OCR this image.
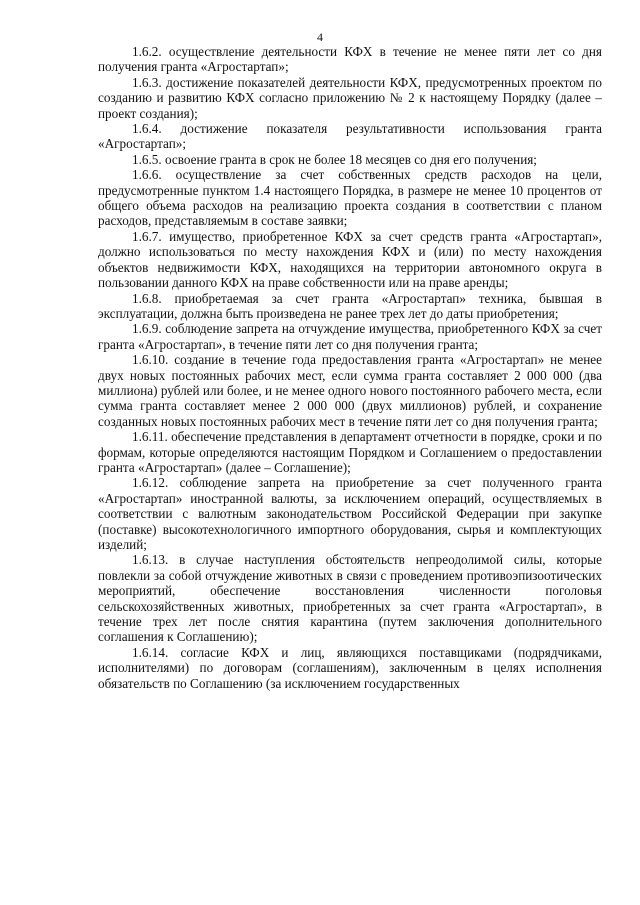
4

1.6.2. осуществление деятельности КФХ в течение не менее пяти лет со дня получения гранта «Агростартап»;

1.6.3. достижение показателей деятельности КФХ, предусмотренных проектом по созданию и развитию КФХ согласно приложению № 2 к настоящему Порядку (далее – проект создания);

1.6.4. достижение показателя результативности использования гранта «Агростартап»;

1.6.5. освоение гранта в срок не более 18 месяцев со дня его получения;

1.6.6. осуществление за счет собственных средств расходов на цели, предусмотренные пунктом 1.4 настоящего Порядка, в размере не менее 10 процентов от общего объема расходов на реализацию проекта создания в соответствии с планом расходов, представляемым в составе заявки;

1.6.7. имущество, приобретенное КФХ за счет средств гранта «Агростартап», должно использоваться по месту нахождения КФХ и (или) по месту нахождения объектов недвижимости КФХ, находящихся на территории автономного округа в пользовании данного КФХ на праве собственности или на праве аренды;

1.6.8. приобретаемая за счет гранта «Агростартап» техника, бывшая в эксплуатации, должна быть произведена не ранее трех лет до даты приобретения;

1.6.9. соблюдение запрета на отчуждение имущества, приобретенного КФХ за счет гранта «Агростартап», в течение пяти лет со дня получения гранта;

1.6.10. создание в течение года предоставления гранта «Агростартап» не менее двух новых постоянных рабочих мест, если сумма гранта составляет 2 000 000 (два миллиона) рублей или более, и не менее одного нового постоянного рабочего места, если сумма гранта составляет менее 2 000 000 (двух миллионов) рублей, и сохранение созданных новых постоянных рабочих мест в течение пяти лет со дня получения гранта;

1.6.11. обеспечение представления в департамент отчетности в порядке, сроки и по формам, которые определяются настоящим Порядком и Соглашением о предоставлении гранта «Агростартап» (далее – Соглашение);

1.6.12. соблюдение запрета на приобретение за счет полученного гранта «Агростартап» иностранной валюты, за исключением операций, осуществляемых в соответствии с валютным законодательством Российской Федерации при закупке (поставке) высокотехнологичного импортного оборудования, сырья и комплектующих изделий;

1.6.13. в случае наступления обстоятельств непреодолимой силы, которые повлекли за собой отчуждение животных в связи с проведением противоэпизоотических мероприятий, обеспечение восстановления численности поголовья сельскохозяйственных животных, приобретенных за счет гранта «Агростартап», в течение трех лет после снятия карантина (путем заключения дополнительного соглашения к Соглашению);

1.6.14. согласие КФХ и лиц, являющихся поставщиками (подрядчиками, исполнителями) по договорам (соглашениям), заключенным в целях исполнения обязательств по Соглашению (за исключением государственных
